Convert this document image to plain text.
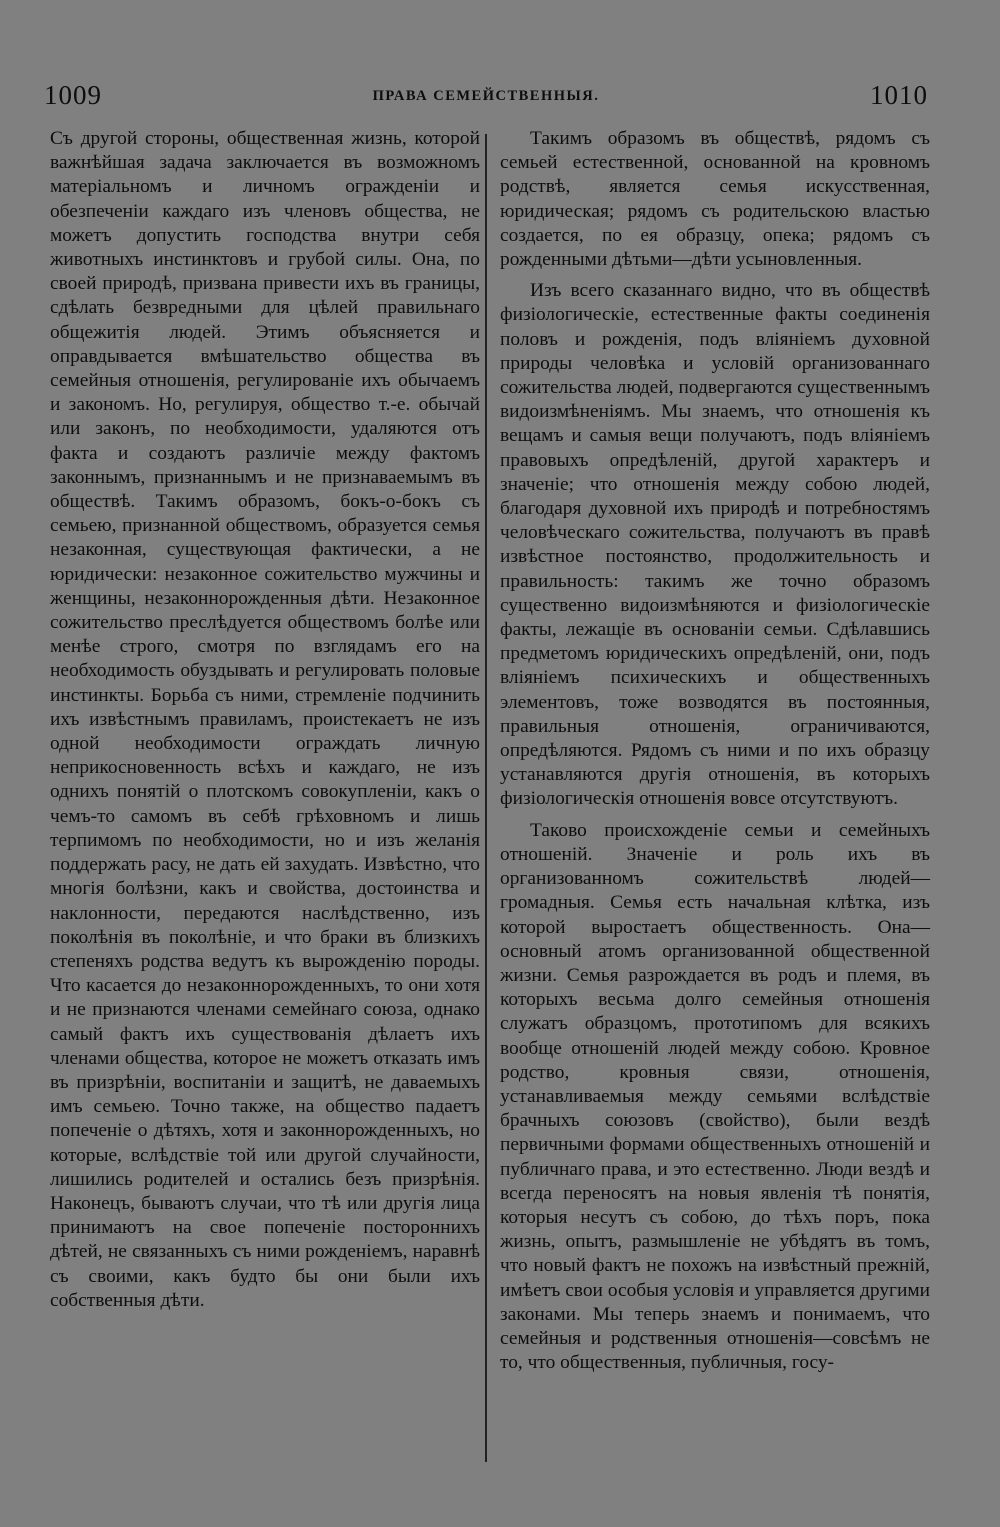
1009	ПРАВА СЕМЕЙСТВЕННЫЯ.	1010

Съ другой стороны, общественная жизнь, которой важнѣйшая задача заключается въ возможномъ матеріальномъ и личномъ огражденіи и обезпеченіи каждаго изъ членовъ общества, не можетъ допустить господства внутри себя животныхъ инстинктовъ и грубой силы. Она, по своей природѣ, призвана привести ихъ въ границы, сдѣлать безвредными для цѣлей правильнаго общежитія людей. Этимъ объясняется и оправдывается вмѣшательство общества въ семейныя отношенія, регулированіе ихъ обычаемъ и закономъ. Но, регулируя, общество т.-е. обычай или законъ, по необходимости, удаляются отъ факта и создаютъ различіе между фактомъ законнымъ, признаннымъ и не признаваемымъ въ обществѣ. Такимъ образомъ, бокъ-о-бокъ съ семьею, признанной обществомъ, образуется семья незаконная, существующая фактически, а не юридически: незаконное сожительство мужчины и женщины, незаконнорожденныя дѣти. Незаконное сожительство преслѣдуется обществомъ болѣе или менѣе строго, смотря по взглядамъ его на необходимость обуздывать и регулировать половые инстинкты. Борьба съ ними, стремленіе подчинить ихъ извѣстнымъ правиламъ, проистекаетъ не изъ одной необходимости ограждать личную неприкосновенность всѣхъ и каждаго, не изъ однихъ понятій о плотскомъ совокупленіи, какъ о чемъ-то самомъ въ себѣ грѣховномъ и лишь терпимомъ по необходимости, но и изъ желанія поддержать расу, не дать ей захудать. Извѣстно, что многія болѣзни, какъ и свойства, достоинства и наклонности, передаются наслѣдственно, изъ поколѣнія въ поколѣніе, и что браки въ близкихъ степеняхъ родства ведутъ къ вырожденію породы. Что касается до незаконнорожденныхъ, то они хотя и не признаются членами семейнаго союза, однако самый фактъ ихъ существованія дѣлаетъ ихъ членами общества, которое не можетъ отказать имъ въ призрѣніи, воспитаніи и защитѣ, не даваемыхъ имъ семьею. Точно также, на общество падаетъ попеченіе о дѣтяхъ, хотя и законнорожденныхъ, но которые, вслѣдствіе той или другой случайности, лишились родителей и остались безъ призрѣнія. Наконецъ, бываютъ случаи, что тѣ или другія лица принимаютъ на свое попеченіе постороннихъ дѣтей, не связанныхъ съ ними рожденіемъ, наравнѣ съ своими, какъ будто бы они были ихъ собственныя дѣти.

Такимъ образомъ въ обществѣ, рядомъ съ семьей естественной, основанной на кровномъ родствѣ, является семья искусственная, юридическая; рядомъ съ родительскою властью создается, по ея образцу, опека; рядомъ съ рожденными дѣтьми—дѣти усыновленныя.

Изъ всего сказаннаго видно, что въ обществѣ физіологическіе, естественные факты соединенія половъ и рожденія, подъ вліяніемъ духовной природы человѣка и условій организованнаго сожительства людей, подвергаются существеннымъ видоизмѣненіямъ. Мы знаемъ, что отношенія къ вещамъ и самыя вещи получаютъ, подъ вліяніемъ правовыхъ опредѣленій, другой характеръ и значеніе; что отношенія между собою людей, благодаря духовной ихъ природѣ и потребностямъ человѣческаго сожительства, получаютъ въ правѣ извѣстное постоянство, продолжительность и правильность: такимъ же точно образомъ существенно видоизмѣняются и физіологическіе факты, лежащіе въ основаніи семьи. Сдѣлавшись предметомъ юридическихъ опредѣленій, они, подъ вліяніемъ психическихъ и общественныхъ элементовъ, тоже возводятся въ постоянныя, правильныя отношенія, ограничиваются, опредѣляются. Рядомъ съ ними и по ихъ образцу устанавляются другія отношенія, въ которыхъ физіологическія отношенія вовсе отсутствуютъ.

Таково происхожденіе семьи и семейныхъ отношеній. Значеніе и роль ихъ въ организованномъ сожительствѣ людей—громадныя. Семья есть начальная клѣтка, изъ которой выростаетъ общественность. Она—основный атомъ организованной общественной жизни. Семья разрождается въ родъ и племя, въ которыхъ весьма долго семейныя отношенія служатъ образцомъ, прототипомъ для всякихъ вообще отношеній людей между собою. Кровное родство, кровныя связи, отношенія, устанавливаемыя между семьями вслѣдствіе брачныхъ союзовъ (свойство), были вездѣ первичными формами общественныхъ отношеній и публичнаго права, и это естественно. Люди вездѣ и всегда переносятъ на новыя явленія тѣ понятія, которыя несутъ съ собою, до тѣхъ поръ, пока жизнь, опытъ, размышленіе не убѣдятъ въ томъ, что новый фактъ не похожъ на извѣстный прежній, имѣетъ свои особыя условія и управляется другими законами. Мы теперь знаемъ и понимаемъ, что семейныя и родственныя отношенія—совсѣмъ не то, что общественныя, публичныя, госу-
